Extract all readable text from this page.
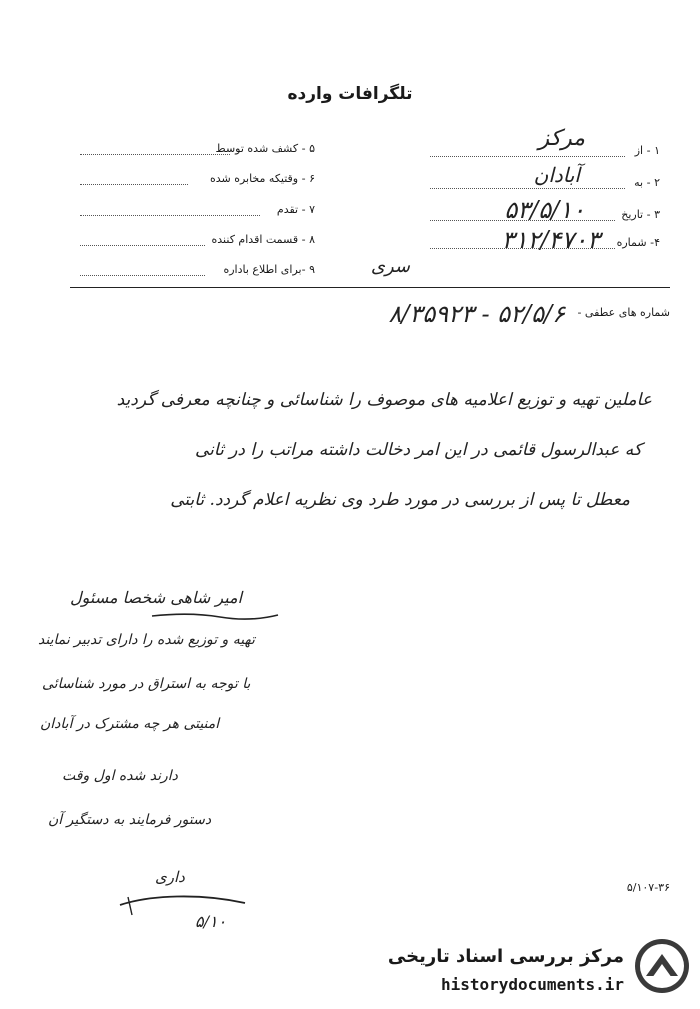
تلگرافات وارده
۱ - از
مرکز
۲ - به
آبادان
۳ - تاریخ
۵۳/۵/۱۰
۴- شماره
۳۱۲/۴۷۰۳
سری
۵ - کشف شده توسط
۶ - وقتیکه مخابره شده
۷ - تقدم
۸ - قسمت اقدام کننده
۹ -برای اطلاع باداره
شماره های عطفی -
۵۲/۵/۶ - ۸/۳۵۹۲۳
عاملین تهیه و توزیع اعلامیه های موصوف را شناسائی و چنانچه معرفی گردید
که عبدالرسول قائمی در این امر دخالت داشته مراتب را در ثانی
معطل تا پس از بررسی در مورد طرد وی نظریه اعلام گردد. ثابتی
امیر شاهی شخصا مسئول
تهیه و توزیع شده را دارای تدبیر نمایند
با توجه به استراق در مورد شناسائی
امنیتی هر چه مشترک در آبادان
دارند شده اول وقت
دستور فرمایند به دستگیر آن
داری
۵/۱۰
۵/۱۰۷-۳۶
مرکز بررسی اسناد تاریخی
historydocuments.ir
